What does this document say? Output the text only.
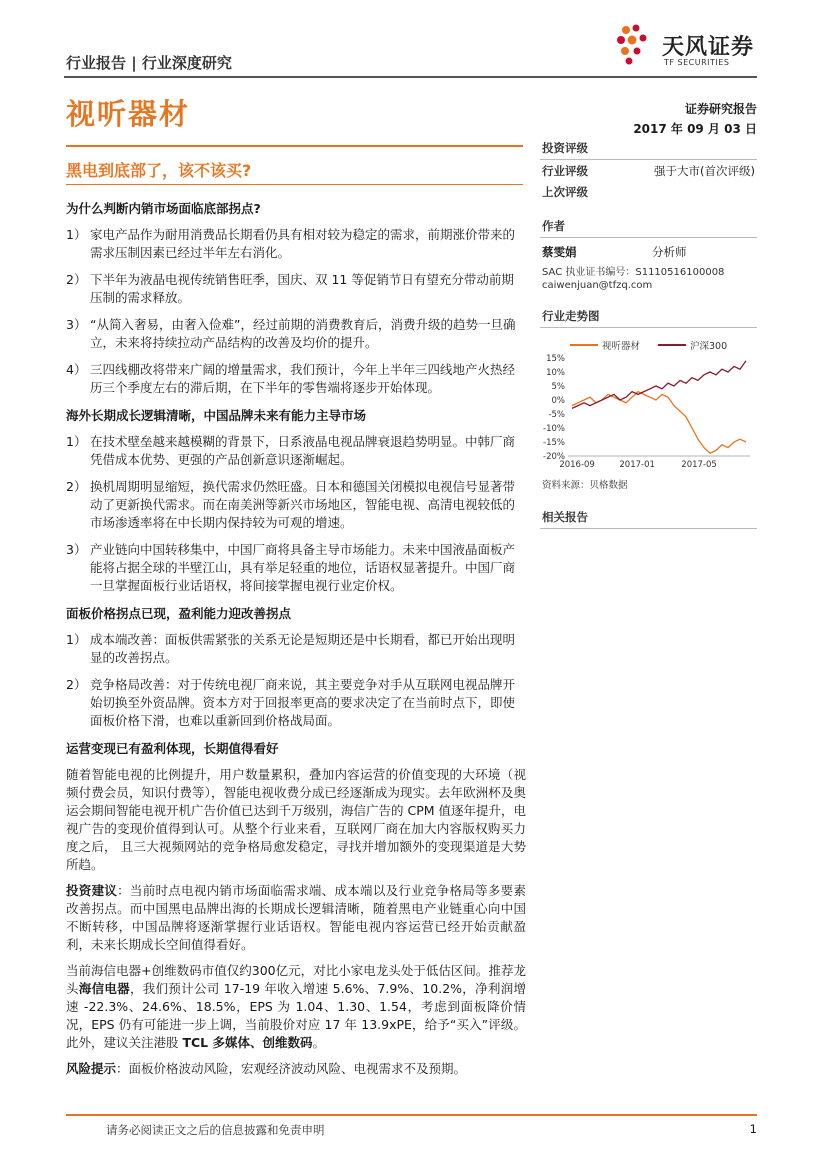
行业报告 | 行业深度研究
天风证券
TF SECURITIES
视听器材	证券研究报告
2017 年 09 月 03 日
黑电到底部了，该不该买?
为什么判断内销市场面临底部拐点?
1） 家电产品作为耐用消费品长期看仍具有相对较为稳定的需求，前期涨价带来的需求压制因素已经过半年左右消化。
2） 下半年为液晶电视传统销售旺季，国庆、双 11 等促销节日有望充分带动前期压制的需求释放。
3） “从简入奢易，由奢入俭难”，经过前期的消费教育后，消费升级的趋势一旦确立，未来将持续拉动产品结构的改善及均价的提升。
4） 三四线棚改将带来广阔的增量需求，我们预计，今年上半年三四线地产火热经历三个季度左右的滞后期，在下半年的零售端将逐步开始体现。
海外长期成长逻辑清晰，中国品牌未来有能力主导市场
1） 在技术壁垒越来越模糊的背景下，日系液晶电视品牌衰退趋势明显。中韩厂商凭借成本优势、更强的产品创新意识逐渐崛起。
2） 换机周期明显缩短，换代需求仍然旺盛。日本和德国关闭模拟电视信号显著带动了更新换代需求。而在南美洲等新兴市场地区，智能电视、高清电视较低的市场渗透率将在中长期内保持较为可观的增速。
3） 产业链向中国转移集中，中国厂商将具备主导市场能力。未来中国液晶面板产能将占据全球的半壁江山，具有举足轻重的地位，话语权显著提升。中国厂商一旦掌握面板行业话语权，将间接掌握电视行业定价权。
面板价格拐点已现，盈利能力迎改善拐点
1） 成本端改善：面板供需紧张的关系无论是短期还是中长期看，都已开始出现明显的改善拐点。
2） 竞争格局改善：对于传统电视厂商来说，其主要竞争对手从互联网电视品牌开始切换至外资品牌。资本方对于回报率更高的要求决定了在当前时点下，即使面板价格下滑，也难以重新回到价格战局面。
运营变现已有盈利体现，长期值得看好
随着智能电视的比例提升，用户数量累积，叠加内容运营的价值变现的大环境（视频付费会员，知识付费等），智能电视收费分成已经逐渐成为现实。去年欧洲杯及奥运会期间智能电视开机广告价值已达到千万级别，海信广告的 CPM 值逐年提升，电视广告的变现价值得到认可。从整个行业来看，互联网厂商在加大内容版权购买力度之后， 且三大视频网站的竞争格局愈发稳定，寻找并增加额外的变现渠道是大势所趋。
投资建议：当前时点电视内销市场面临需求端、成本端以及行业竞争格局等多要素改善拐点。而中国黑电品牌出海的长期成长逻辑清晰，随着黑电产业链重心向中国不断转移，中国品牌将逐渐掌握行业话语权。智能电视内容运营已经开始贡献盈利，未来长期成长空间值得看好。
当前海信电器+创维数码市值仅约300亿元，对比小家电龙头处于低估区间。推荐龙头海信电器，我们预计公司 17-19 年收入增速 5.6%、7.9%、10.2%，净利润增速 -22.3%、24.6%、18.5%，EPS 为 1.04、1.30、1.54，考虑到面板降价情况，EPS 仍有可能进一步上调，当前股价对应 17 年 13.9xPE，给予“买入”评级。此外，建议关注港股 TCL 多媒体、创维数码。
风险提示：面板价格波动风险，宏观经济波动风险、电视需求不及预期。
投资评级
行业评级	强于大市(首次评级)
上次评级
作者
蔡雯娟	分析师
SAC 执业证书编号：S1110516100008
caiwenjuan@tfzq.com
行业走势图
视听器材	沪深300
15%
10%
5%
0%
-5%
-10%
-15%
-20%
2016-09	2017-01	2017-05
资料来源：贝格数据
相关报告
请务必阅读正文之后的信息披露和免责申明	1
